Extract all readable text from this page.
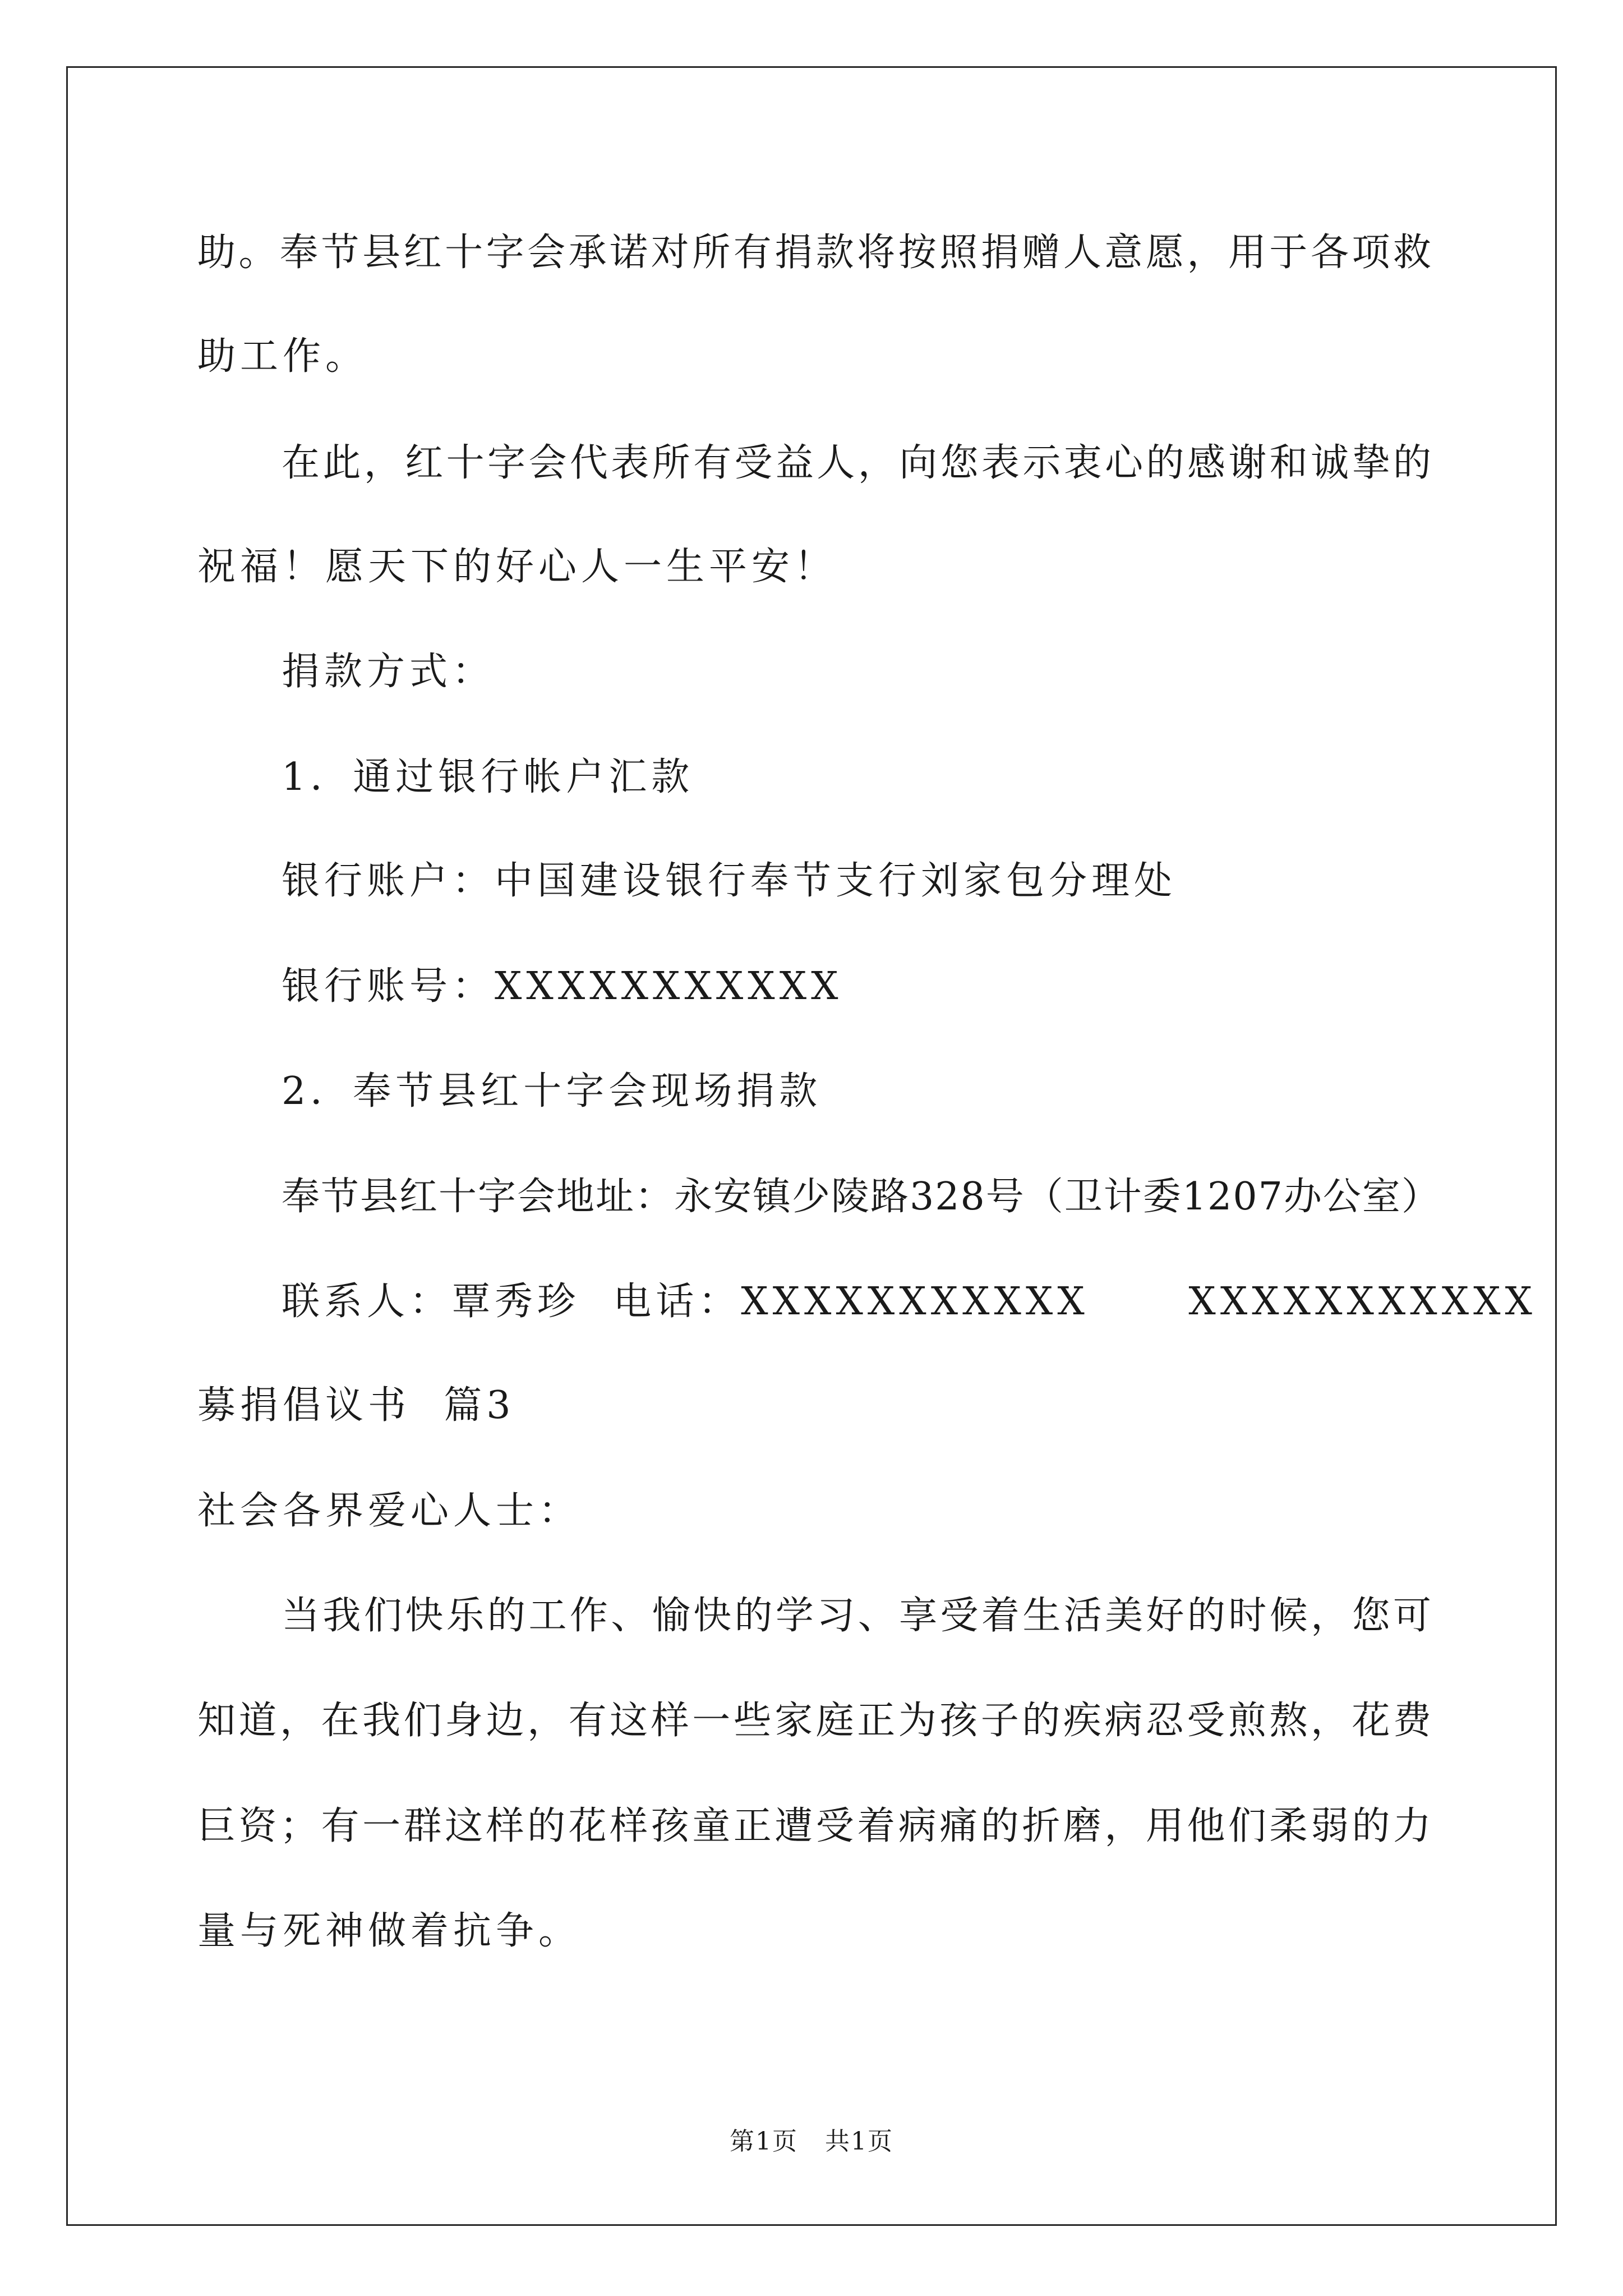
助。奉节县红十字会承诺对所有捐款将按照捐赠人意愿，用于各项救
助工作。
在此，红十字会代表所有受益人，向您表示衷心的感谢和诚挚的
祝福！愿天下的好心人一生平安！
捐款方式：
1．通过银行帐户汇款
银行账户：中国建设银行奉节支行刘家包分理处
银行账号：XXXXXXXXXXX
2．奉节县红十字会现场捐款
奉节县红十字会地址：永安镇少陵路328号（卫计委1207办公室）
联系人：覃秀珍  电话：XXXXXXXXXXX      XXXXXXXXXXX
募捐倡议书  篇3
社会各界爱心人士：
当我们快乐的工作、愉快的学习、享受着生活美好的时候，您可
知道，在我们身边，有这样一些家庭正为孩子的疾病忍受煎熬，花费
巨资；有一群这样的花样孩童正遭受着病痛的折磨，用他们柔弱的力
量与死神做着抗争。
第1页   共1页
